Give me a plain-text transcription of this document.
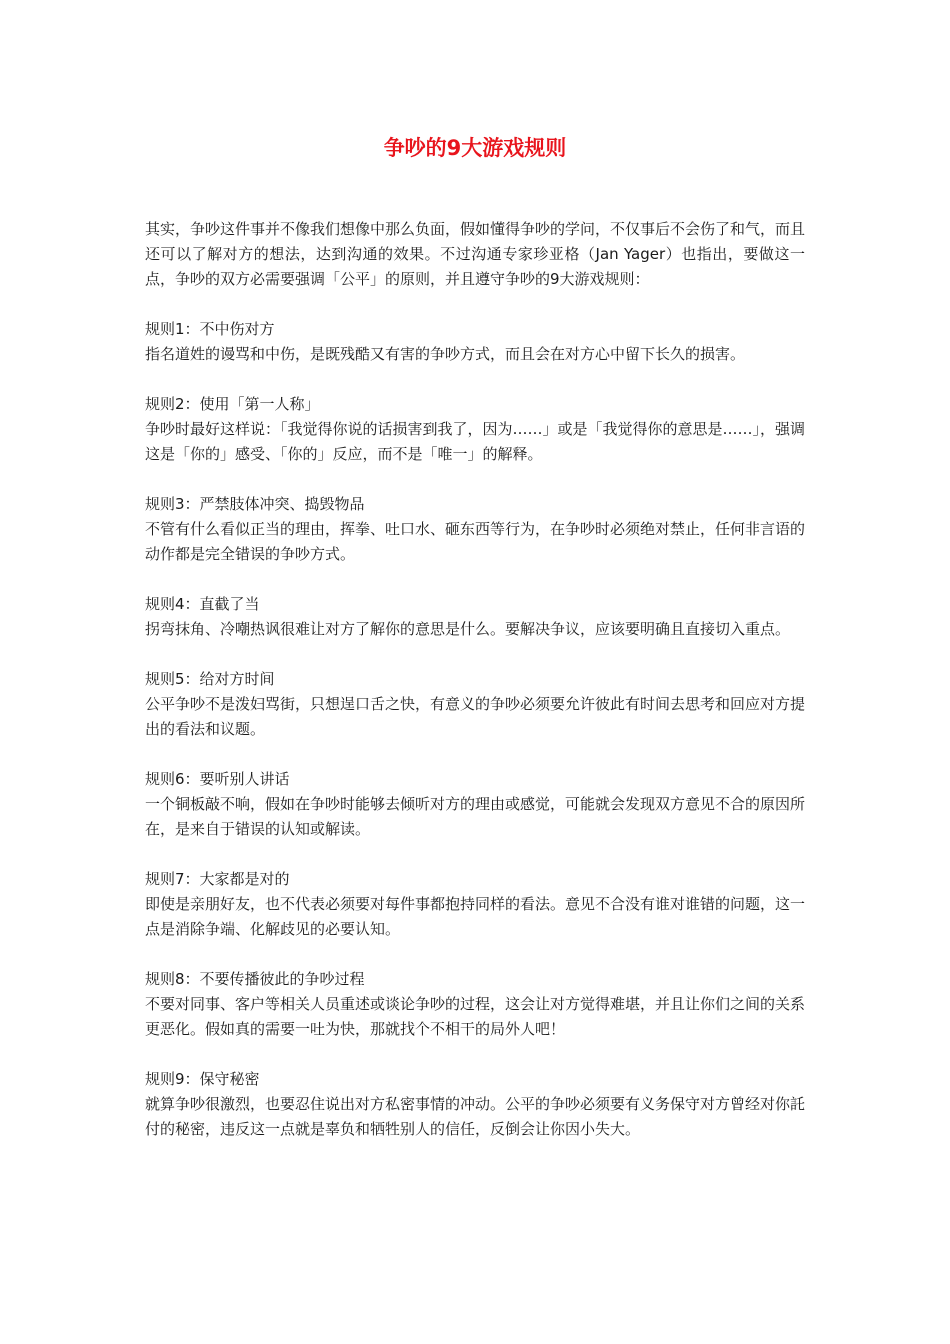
争吵的9大游戏规则

其实，争吵这件事并不像我们想像中那么负面，假如懂得争吵的学问，不仅事后不会伤了和气，而且还可以了解对方的想法，达到沟通的效果。不过沟通专家珍亚格（Jan Yager）也指出，要做这一点，争吵的双方必需要强调「公平」的原则，并且遵守争吵的9大游戏规则：

规则1：不中伤对方

指名道姓的谩骂和中伤，是既残酷又有害的争吵方式，而且会在对方心中留下长久的损害。

规则2：使用「第一人称」

争吵时最好这样说：「我觉得你说的话损害到我了，因为……」或是「我觉得你的意思是……」，强调这是「你的」感受、「你的」反应，而不是「唯一」的解释。

规则3：严禁肢体冲突、捣毁物品

不管有什么看似正当的理由，挥拳、吐口水、砸东西等行为，在争吵时必须绝对禁止，任何非言语的动作都是完全错误的争吵方式。

规则4：直截了当

拐弯抹角、冷嘲热讽很难让对方了解你的意思是什么。要解决争议，应该要明确且直接切入重点。

规则5：给对方时间

公平争吵不是泼妇骂街，只想逞口舌之快，有意义的争吵必须要允许彼此有时间去思考和回应对方提出的看法和议题。

规则6：要听别人讲话

一个铜板敲不响，假如在争吵时能够去倾听对方的理由或感觉，可能就会发现双方意见不合的原因所在，是来自于错误的认知或解读。

规则7：大家都是对的

即使是亲朋好友，也不代表必须要对每件事都抱持同样的看法。意见不合没有谁对谁错的问题，这一点是消除争端、化解歧见的必要认知。

规则8：不要传播彼此的争吵过程

不要对同事、客户等相关人员重述或谈论争吵的过程，这会让对方觉得难堪，并且让你们之间的关系更恶化。假如真的需要一吐为快，那就找个不相干的局外人吧！

规则9：保守秘密

就算争吵很激烈，也要忍住说出对方私密事情的冲动。公平的争吵必须要有义务保守对方曾经对你託付的秘密，违反这一点就是辜负和牺牲别人的信任，反倒会让你因小失大。
